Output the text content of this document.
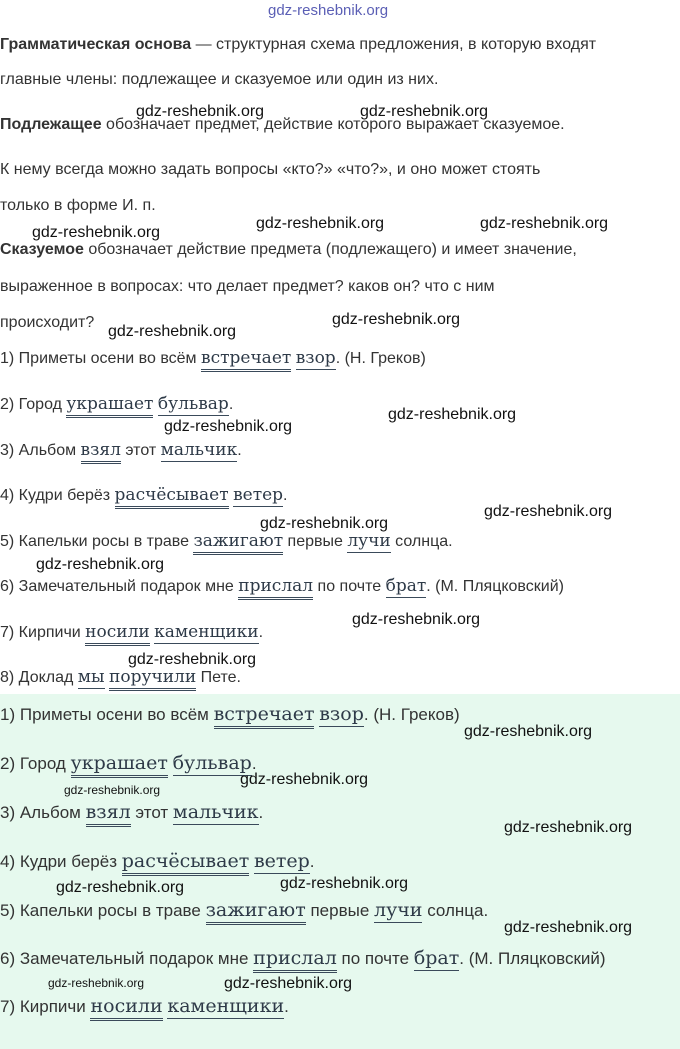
gdz-reshebnik.org
Грамматическая основа — структурная схема предложения, в которую входят
главные члены: подлежащее и сказуемое или один из них.
Подлежащее обозначает предмет, действие которого выражает сказуемое.
К нему всегда можно задать вопросы «кто?» «что?», и оно может стоять
только в форме И. п.
Сказуемое обозначает действие предмета (подлежащего) и имеет значение,
выраженное в вопросах: что делает предмет? каков он? что с ним
происходит?
1) Приметы осени во всём встречает взор. (Н. Греков)
2) Город украшает бульвар.
3) Альбом взял этот мальчик.
4) Кудри берёз расчёсывает ветер.
5) Капельки росы в траве зажигают первые лучи солнца.
6) Замечательный подарок мне прислал по почте брат. (М. Пляцковский)
7) Кирпичи носили каменщики.
8) Доклад мы поручили Пете.
1) Приметы осени во всём встречает взор. (Н. Греков)
2) Город украшает бульвар.
3) Альбом взял этот мальчик.
4) Кудри берёз расчёсывает ветер.
5) Капельки росы в траве зажигают первые лучи солнца.
6) Замечательный подарок мне прислал по почте брат. (М. Пляцковский)
7) Кирпичи носили каменщики.
gdz-reshebnik.org	gdz-reshebnik.org
gdz-reshebnik.org	gdz-reshebnik.org
gdz-reshebnik.org
gdz-reshebnik.org
gdz-reshebnik.org
gdz-reshebnik.org
gdz-reshebnik.org
gdz-reshebnik.org
gdz-reshebnik.org
gdz-reshebnik.org
gdz-reshebnik.org
gdz-reshebnik.org
gdz-reshebnik.org
gdz-reshebnik.org
gdz-reshebnik.org
gdz-reshebnik.org
gdz-reshebnik.org
gdz-reshebnik.org
gdz-reshebnik.org
gdz-reshebnik.org	gdz-reshebnik.org
